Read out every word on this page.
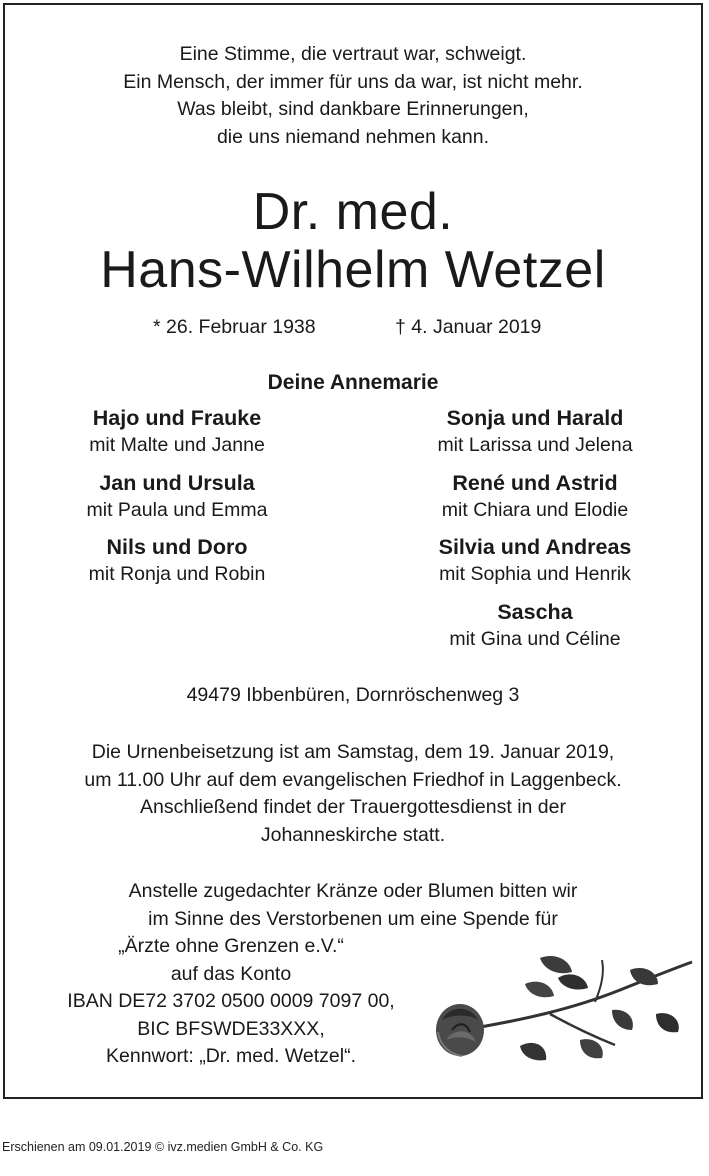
Eine Stimme, die vertraut war, schweigt.
Ein Mensch, der immer für uns da war, ist nicht mehr.
Was bleibt, sind dankbare Erinnerungen,
die uns niemand nehmen kann.
Dr. med.
Hans-Wilhelm Wetzel
* 26. Februar 1938	† 4. Januar 2019
Deine Annemarie
Hajo und Frauke
mit Malte und Janne
Jan und Ursula
mit Paula und Emma
Nils und Doro
mit Ronja und Robin
Sonja und Harald
mit Larissa und Jelena
René und Astrid
mit Chiara und Elodie
Silvia und Andreas
mit Sophia und Henrik
Sascha
mit Gina und Céline
49479 Ibbenbüren, Dornröschenweg 3
Die Urnenbeisetzung ist am Samstag, dem 19. Januar 2019,
um 11.00 Uhr auf dem evangelischen Friedhof in Laggenbeck.
Anschließend findet der Trauergottesdienst in der
Johanneskirche statt.
Anstelle zugedachter Kränze oder Blumen bitten wir
im Sinne des Verstorbenen um eine Spende für
„Ärzte ohne Grenzen e.V.“
auf das Konto
IBAN DE72 3702 0500 0009 7097 00,
BIC BFSWDE33XXX,
Kennwort: „Dr. med. Wetzel“.
Erschienen am 09.01.2019 © ivz.medien GmbH & Co. KG
